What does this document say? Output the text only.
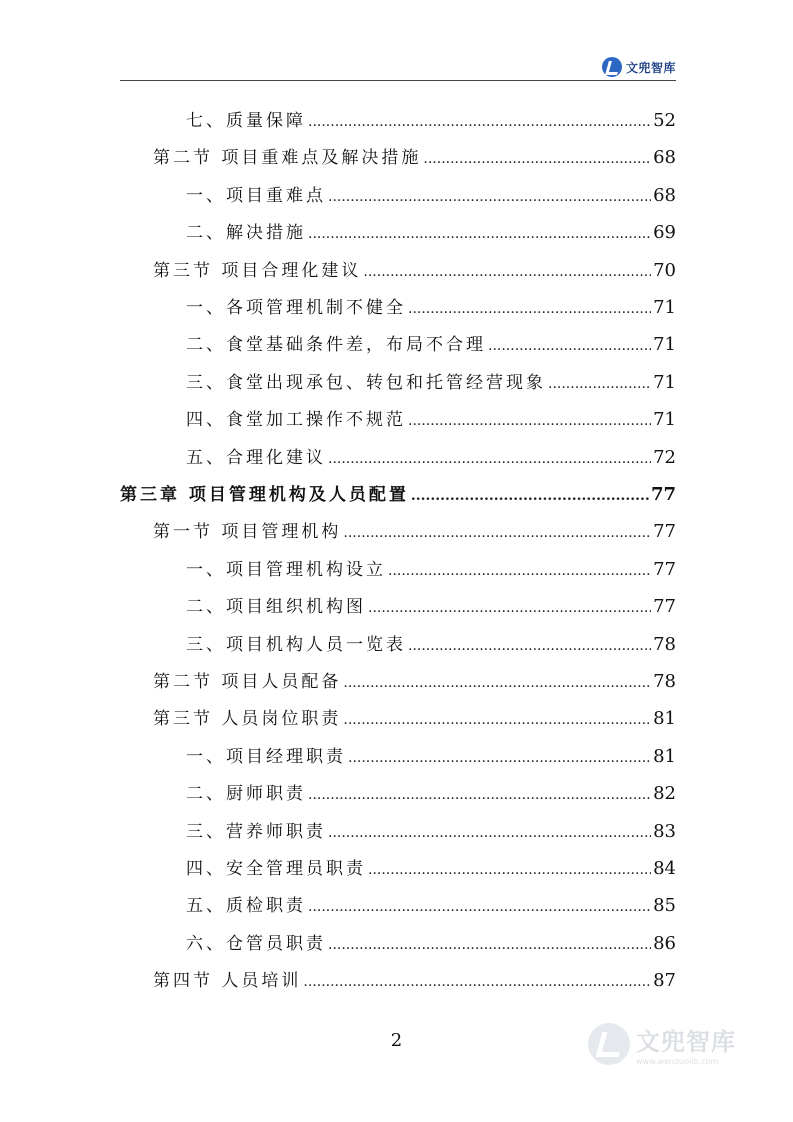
文兜智库
七、质量保障 .....	52
第二节 项目重难点及解决措施 .....	68
一、项目重难点 .....	68
二、解决措施 .....	69
第三节 项目合理化建议 .....	70
一、各项管理机制不健全 .....	71
二、食堂基础条件差，布局不合理 .....	71
三、食堂出现承包、转包和托管经营现象 .....	71
四、食堂加工操作不规范 .....	71
五、合理化建议 .....	72
第三章 项目管理机构及人员配置 .....	77
第一节 项目管理机构 .....	77
一、项目管理机构设立 .....	77
二、项目组织机构图 .....	77
三、项目机构人员一览表 .....	78
第二节 项目人员配备 .....	78
第三节 人员岗位职责 .....	81
一、项目经理职责 .....	81
二、厨师职责 .....	82
三、营养师职责 .....	83
四、安全管理员职责 .....	84
五、质检职责 .....	85
六、仓管员职责 .....	86
第四节 人员培训 .....	87
2	文兜智库
www.wenduolib.com
